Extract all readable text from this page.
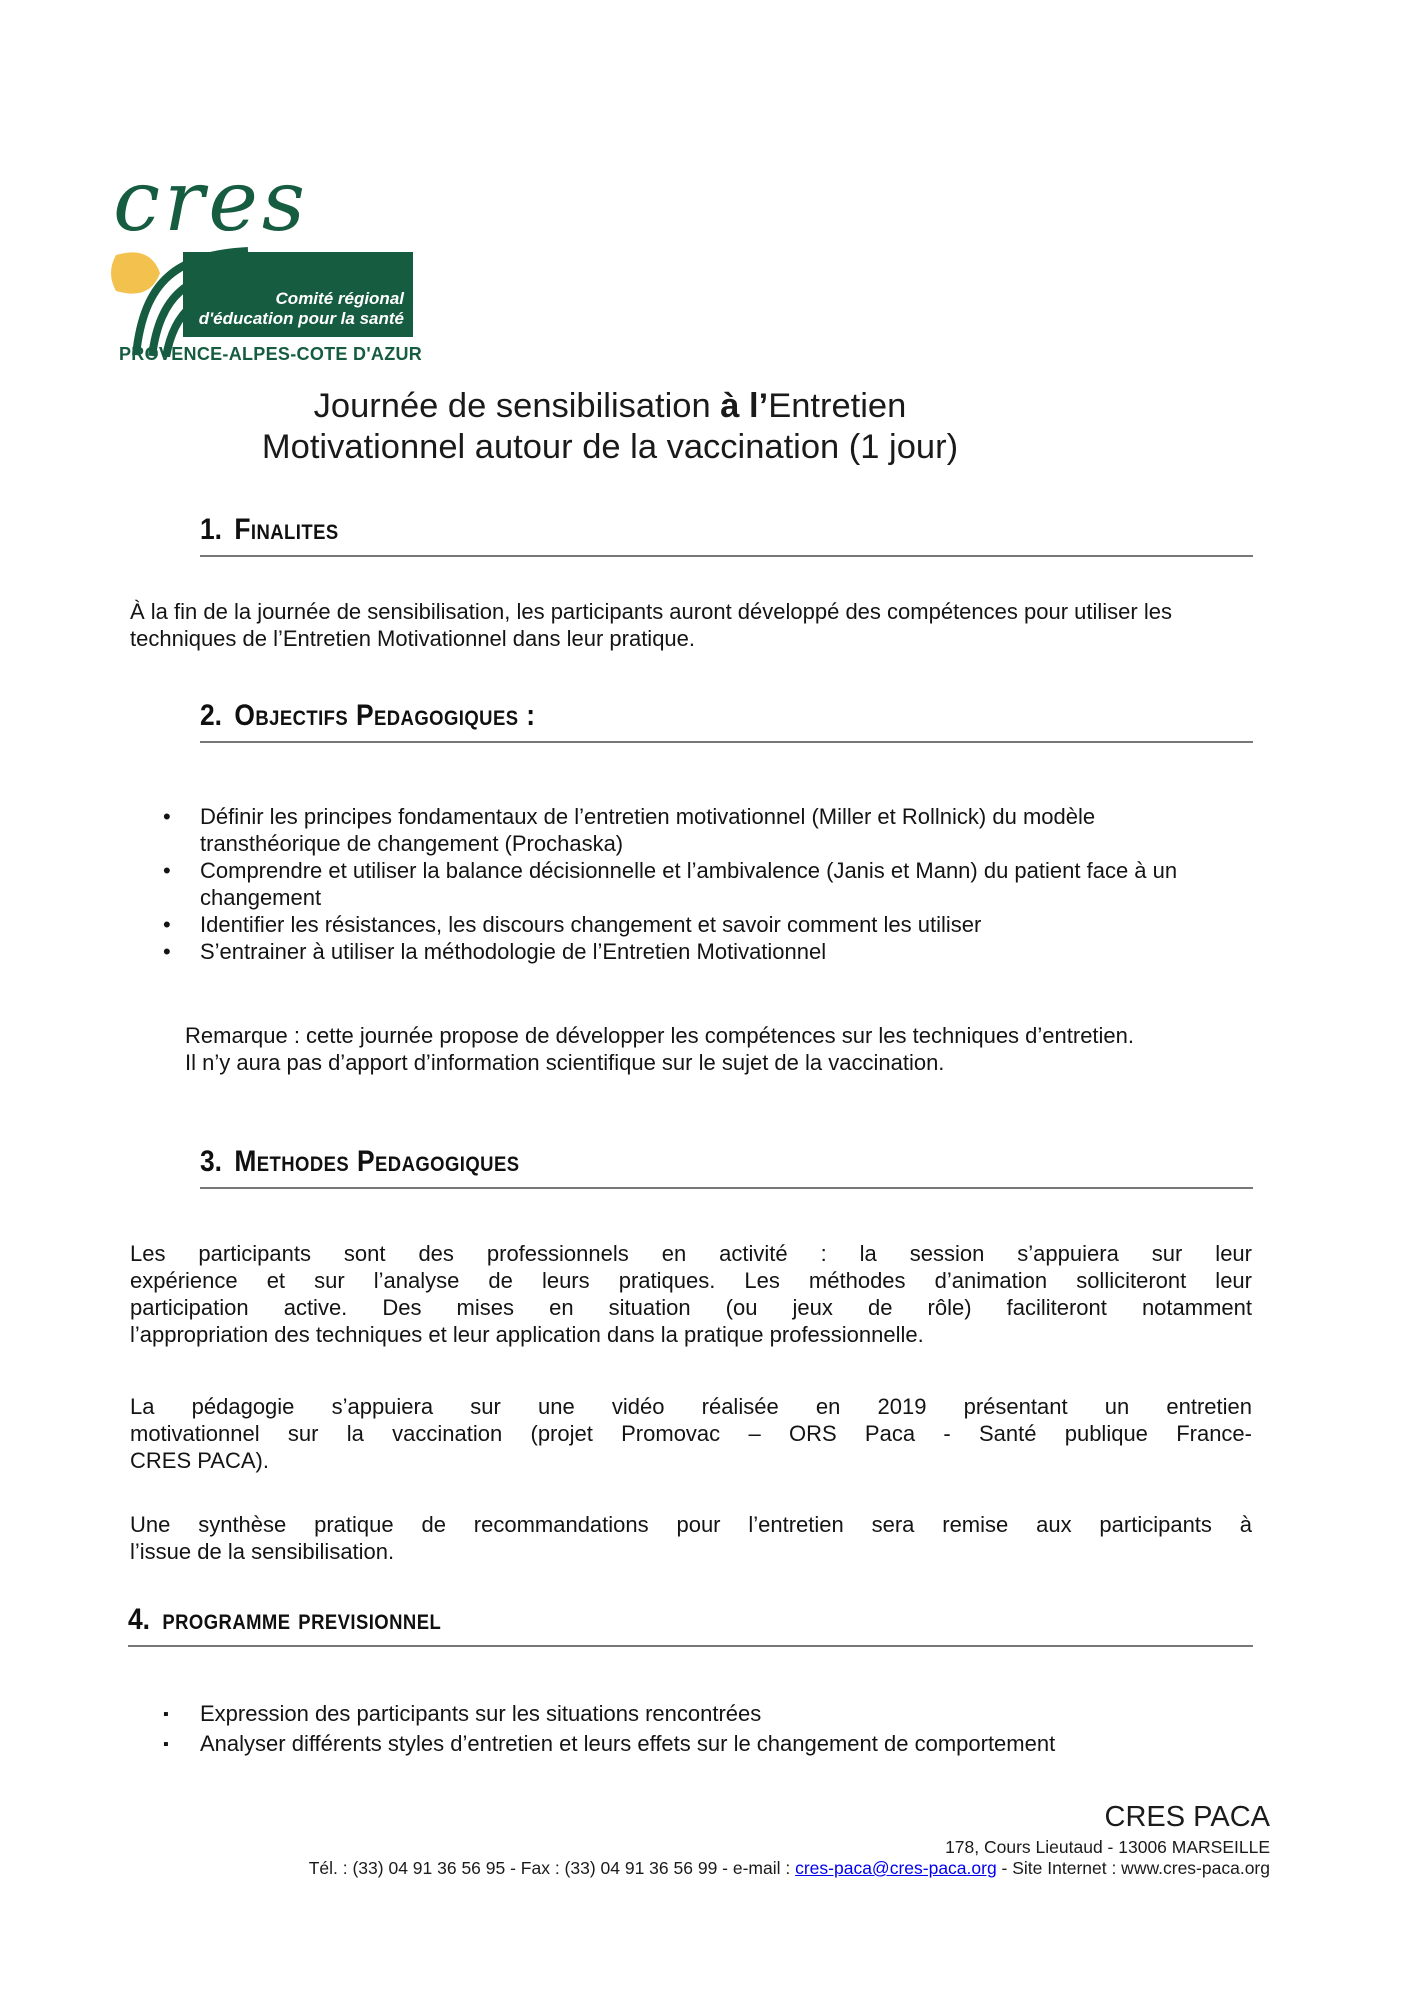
cres
Comité régional
d'éducation pour la santé
PROVENCE-ALPES-COTE D'AZUR
Journée de sensibilisation à l’Entretien
Motivationnel autour de la vaccination (1 jour)
1. Finalites
À la fin de la journée de sensibilisation, les participants auront développé des compétences pour utiliser les techniques de l’Entretien Motivationnel dans leur pratique.
2. Objectifs Pedagogiques :
•
Définir les principes fondamentaux de l’entretien motivationnel (Miller et Rollnick) du modèle transthéorique de changement (Prochaska)
•
Comprendre et utiliser la balance décisionnelle et l’ambivalence (Janis et Mann) du patient face à un changement
•
Identifier les résistances, les discours changement et savoir comment les utiliser
•
S’entrainer à utiliser la méthodologie de l’Entretien Motivationnel
Remarque : cette journée propose de développer les compétences sur les techniques d’entretien. Il n’y aura pas d’apport d’information scientifique sur le sujet de la vaccination.
3. Methodes Pedagogiques
Les participants sont des professionnels en activité : la session s’appuiera sur leur
expérience et sur l’analyse de leurs pratiques. Les méthodes d’animation solliciteront leur
participation active. Des mises en situation (ou jeux de rôle) faciliteront notamment
l’appropriation des techniques et leur application dans la pratique professionnelle.
La pédagogie s’appuiera sur une vidéo réalisée en 2019 présentant un entretien
motivationnel sur la vaccination (projet Promovac – ORS Paca - Santé publique France-
CRES PACA).
Une synthèse pratique de recommandations pour l’entretien sera remise aux participants à
l’issue de la sensibilisation.
4. programme previsionnel
▪
Expression des participants sur les situations rencontrées
▪
Analyser différents styles d’entretien et leurs effets sur le changement de comportement
CRES PACA
178, Cours Lieutaud - 13006 MARSEILLE
Tél. : (33) 04 91 36 56 95 - Fax : (33) 04 91 36 56 99 - e-mail : cres-paca@cres-paca.org - Site Internet : www.cres-paca.org
